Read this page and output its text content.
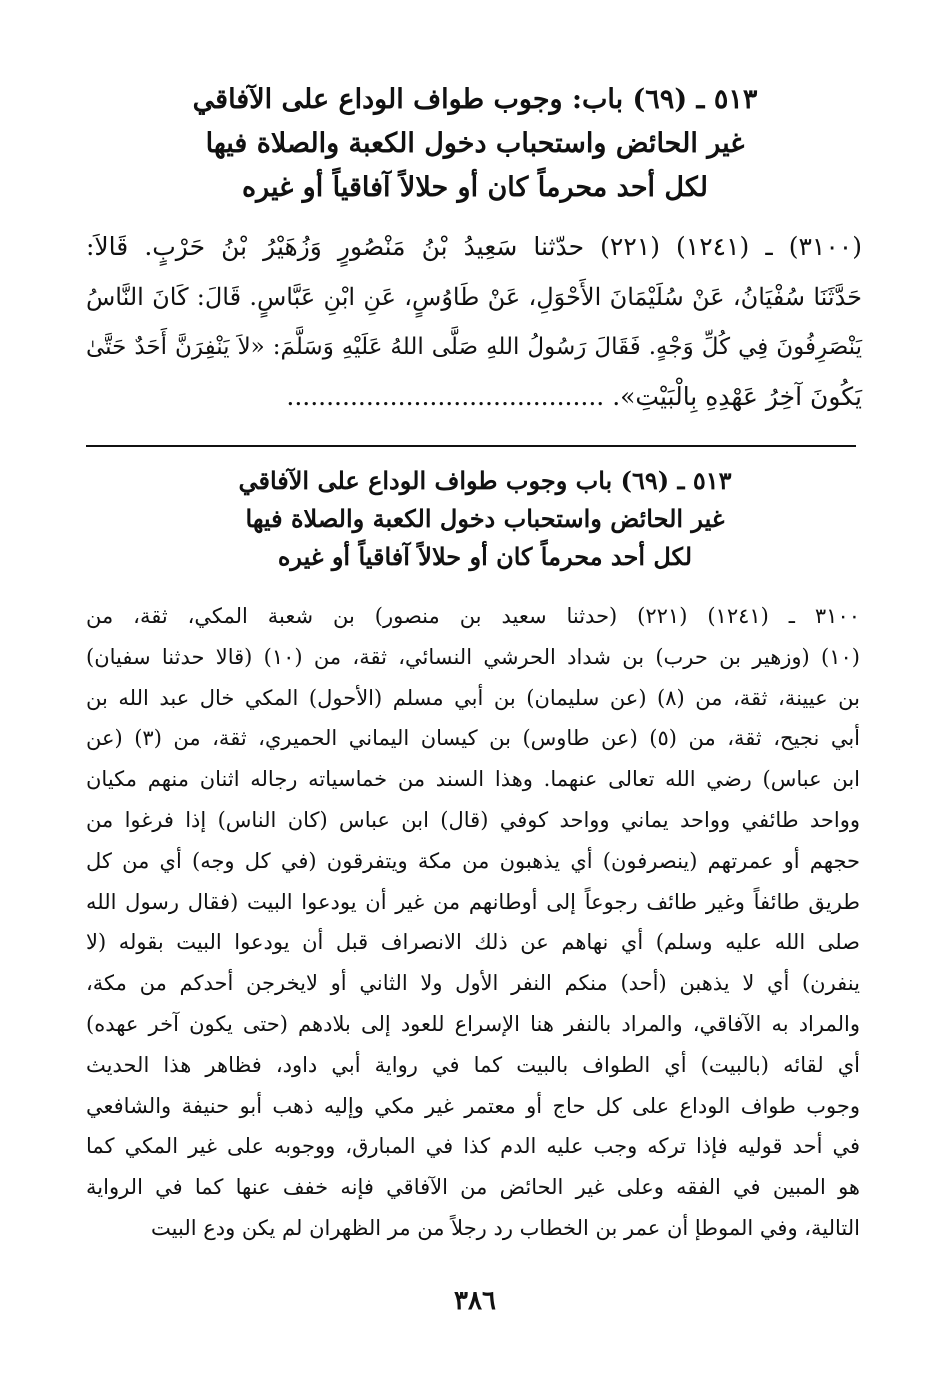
٥١٣ ـ (٦٩) باب: وجوب طواف الوداع على الآفاقي
غير الحائض واستحباب دخول الكعبة والصلاة فيها
لكل أحد محرماً كان أو حلالاً آفاقياً أو غيره
(٣١٠٠) ـ (١٢٤١) (٢٢١) حدّثنا سَعِيدُ بْنُ مَنْصُورٍ وَزُهَيْرُ بْنُ حَرْبٍ. قَالاَ:
حَدَّثَنَا سُفْيَانُ، عَنْ سُلَيْمَانَ الأَحْوَلِ، عَنْ طَاوُسٍ، عَنِ ابْنِ عَبَّاسٍ. قَالَ: كَانَ النَّاسُ
يَنْصَرِفُونَ فِي كُلِّ وَجْهٍ. فَقَالَ رَسُولُ اللهِ صَلَّى اللهُ عَلَيْهِ وَسَلَّمَ: «لاَ يَنْفِرَنَّ أَحَدٌ حَتَّىٰ
يَكُونَ آخِرُ عَهْدِهِ بِالْبَيْتِ». ........................................
٥١٣ ـ (٦٩) باب وجوب طواف الوداع على الآفاقي
غير الحائض واستحباب دخول الكعبة والصلاة فيها
لكل أحد محرماً كان أو حلالاً آفاقياً أو غيره
٣١٠٠ ـ (١٢٤١) (٢٢١) (حدثنا سعيد بن منصور) بن شعبة المكي، ثقة، من
(١٠) (وزهير بن حرب) بن شداد الحرشي النسائي، ثقة، من (١٠) (قالا حدثنا سفيان)
بن عيينة، ثقة، من (٨) (عن سليمان) بن أبي مسلم (الأحول) المكي خال عبد الله بن
أبي نجيح، ثقة، من (٥) (عن طاوس) بن كيسان اليماني الحميري، ثقة، من (٣) (عن
ابن عباس) رضي الله تعالى عنهما. وهذا السند من خماسياته رجاله اثنان منهم مكيان
وواحد طائفي وواحد يماني وواحد كوفي (قال) ابن عباس (كان الناس) إذا فرغوا من
حجهم أو عمرتهم (ينصرفون) أي يذهبون من مكة ويتفرقون (في كل وجه) أي من كل
طريق طائفاً وغير طائف رجوعاً إلى أوطانهم من غير أن يودعوا البيت (فقال رسول الله
صلى الله عليه وسلم) أي نهاهم عن ذلك الانصراف قبل أن يودعوا البيت بقوله (لا
ينفرن) أي لا يذهبن (أحد) منكم النفر الأول ولا الثاني أو لايخرجن أحدكم من مكة،
والمراد به الآفاقي، والمراد بالنفر هنا الإسراع للعود إلى بلادهم (حتى يكون آخر عهده)
أي لقائه (بالبيت) أي الطواف بالبيت كما في رواية أبي داود، فظاهر هذا الحديث
وجوب طواف الوداع على كل حاج أو معتمر غير مكي وإليه ذهب أبو حنيفة والشافعي
في أحد قوليه فإذا تركه وجب عليه الدم كذا في المبارق، ووجوبه على غير المكي كما
هو المبين في الفقه وعلى غير الحائض من الآفاقي فإنه خفف عنها كما في الرواية
التالية، وفي الموطإ أن عمر بن الخطاب رد رجلاً من مر الظهران لم يكن ودع البيت
٣٨٦
